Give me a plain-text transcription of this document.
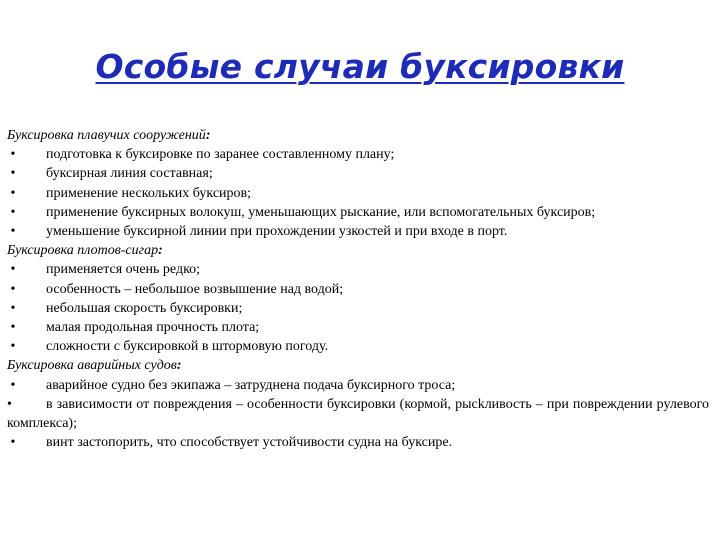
Особые случаи буксировки
Буксировка плавучих сооружений:
• подготовка к буксировке по заранее составленному плану;
• буксирная линия составная;
• применение нескольких буксиров;
• применение буксирных волокуш, уменьшающих рыскание, или вспомогательных буксиров;
• уменьшение буксирной линии при прохождении узкостей и при входе в порт.
Буксировка плотов-сигар:
• применяется очень редко;
• особенность – небольшое возвышение над водой;
• небольшая скорость буксировки;
• малая продольная прочность плота;
• сложности с буксировкой в штормовую погоду.
Буксировка аварийных судов:
• аварийное судно без экипажа – затруднена подача буксирного троса;
• в зависимости от повреждения – особенности буксировки (кормой, рысkливость – при повреждении рулевого комплекса);
• винт застопорить, что способствует устойчивости судна на буксире.
